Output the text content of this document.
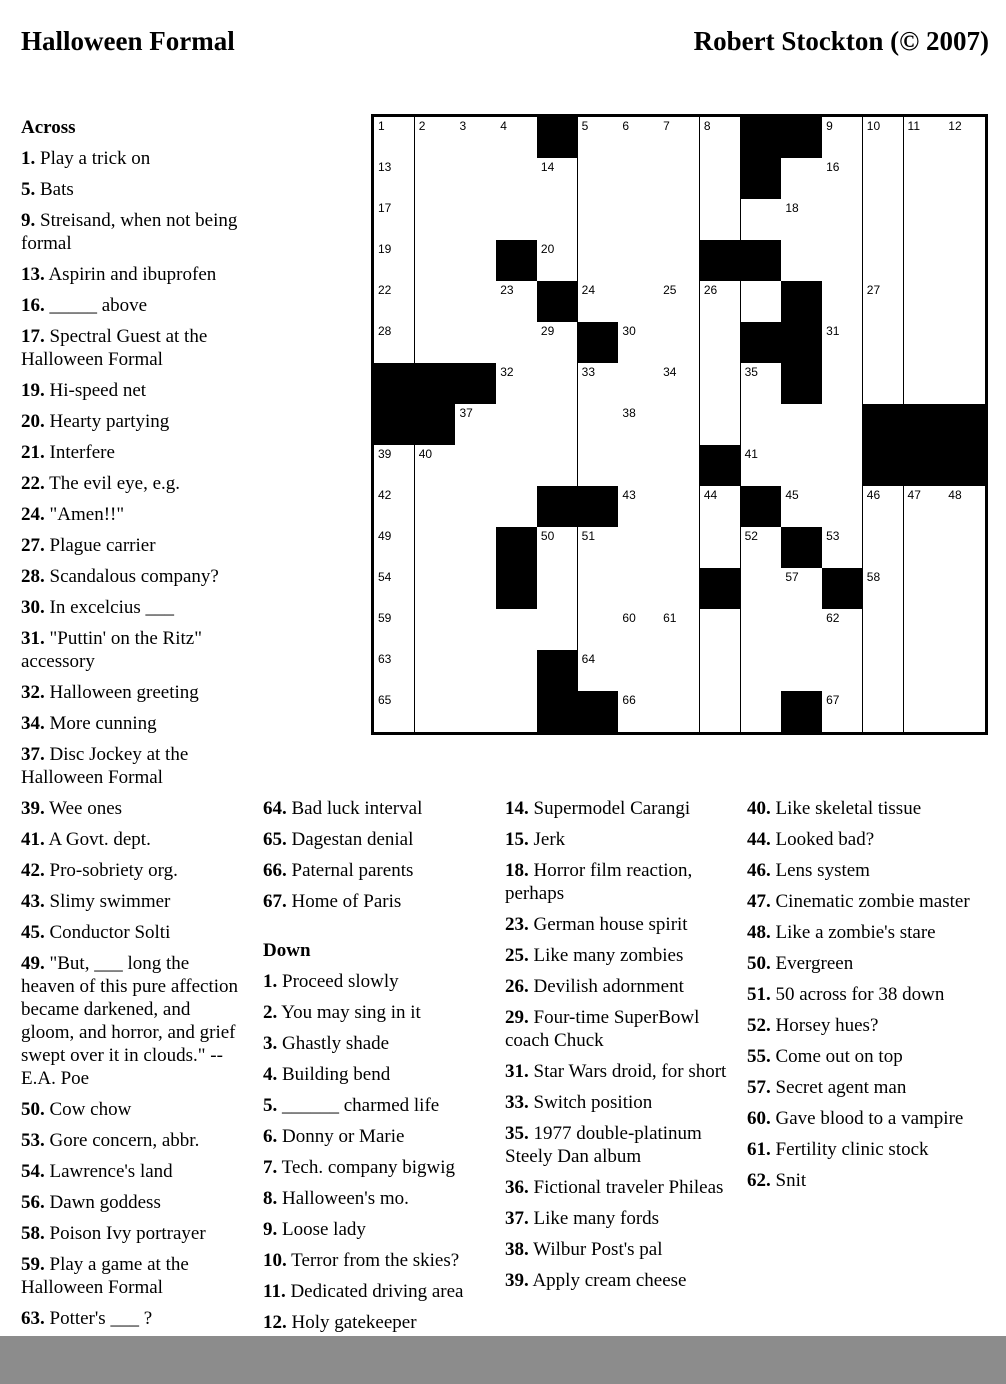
Halloween Formal	Robert Stockton (© 2007)
1	2	3	4	5	6	7	8	9	10 11 12
13	14	16
17	18
19	20
22	23	24	25 26	27
28	29	30	31
32	33	34	35
37	38
39 40	41
42	43	44	45	46 47 48
49	50 51	52	53
54	57	58
59	60 61	62
63	64
65	66	67
Across
1. Play a trick on
5. Bats
9. Streisand, when not being formal
13. Aspirin and ibuprofen
16. _____ above
17. Spectral Guest at the Halloween Formal
19. Hi-speed net
20. Hearty partying
21. Interfere
22. The evil eye, e.g.
24. "Amen!!"
27. Plague carrier
28. Scandalous company?
30. In excelcius ___
31. "Puttin' on the Ritz" accessory
32. Halloween greeting
34. More cunning
37. Disc Jockey at the Halloween Formal
39. Wee ones
41. A Govt. dept.
42. Pro-sobriety org.
43. Slimy swimmer
45. Conductor Solti
49. "But, ___ long the heaven of this pure affection became darkened, and gloom, and horror, and grief swept over it in clouds." -- E.A. Poe
50. Cow chow
53. Gore concern, abbr.
54. Lawrence's land
56. Dawn goddess
58. Poison Ivy portrayer
59. Play a game at the Halloween Formal
63. Potter's ___ ?
64. Bad luck interval
65. Dagestan denial
66. Paternal parents
67. Home of Paris
Down
1. Proceed slowly
2. You may sing in it
3. Ghastly shade
4. Building bend
5. ______ charmed life
6. Donny or Marie
7. Tech. company bigwig
8. Halloween's mo.
9. Loose lady
10. Terror from the skies?
11. Dedicated driving area
12. Holy gatekeeper
14. Supermodel Carangi
15. Jerk
18. Horror film reaction, perhaps
23. German house spirit
25. Like many zombies
26. Devilish adornment
29. Four-time SuperBowl coach Chuck
31. Star Wars droid, for short
33. Switch position
35. 1977 double-platinum Steely Dan album
36. Fictional traveler Phileas
37. Like many fords
38. Wilbur Post's pal
39. Apply cream cheese
40. Like skeletal tissue
44. Looked bad?
46. Lens system
47. Cinematic zombie master
48. Like a zombie's stare
50. Evergreen
51. 50 across for 38 down
52. Horsey hues?
55. Come out on top
57. Secret agent man
60. Gave blood to a vampire
61. Fertility clinic stock
62. Snit
